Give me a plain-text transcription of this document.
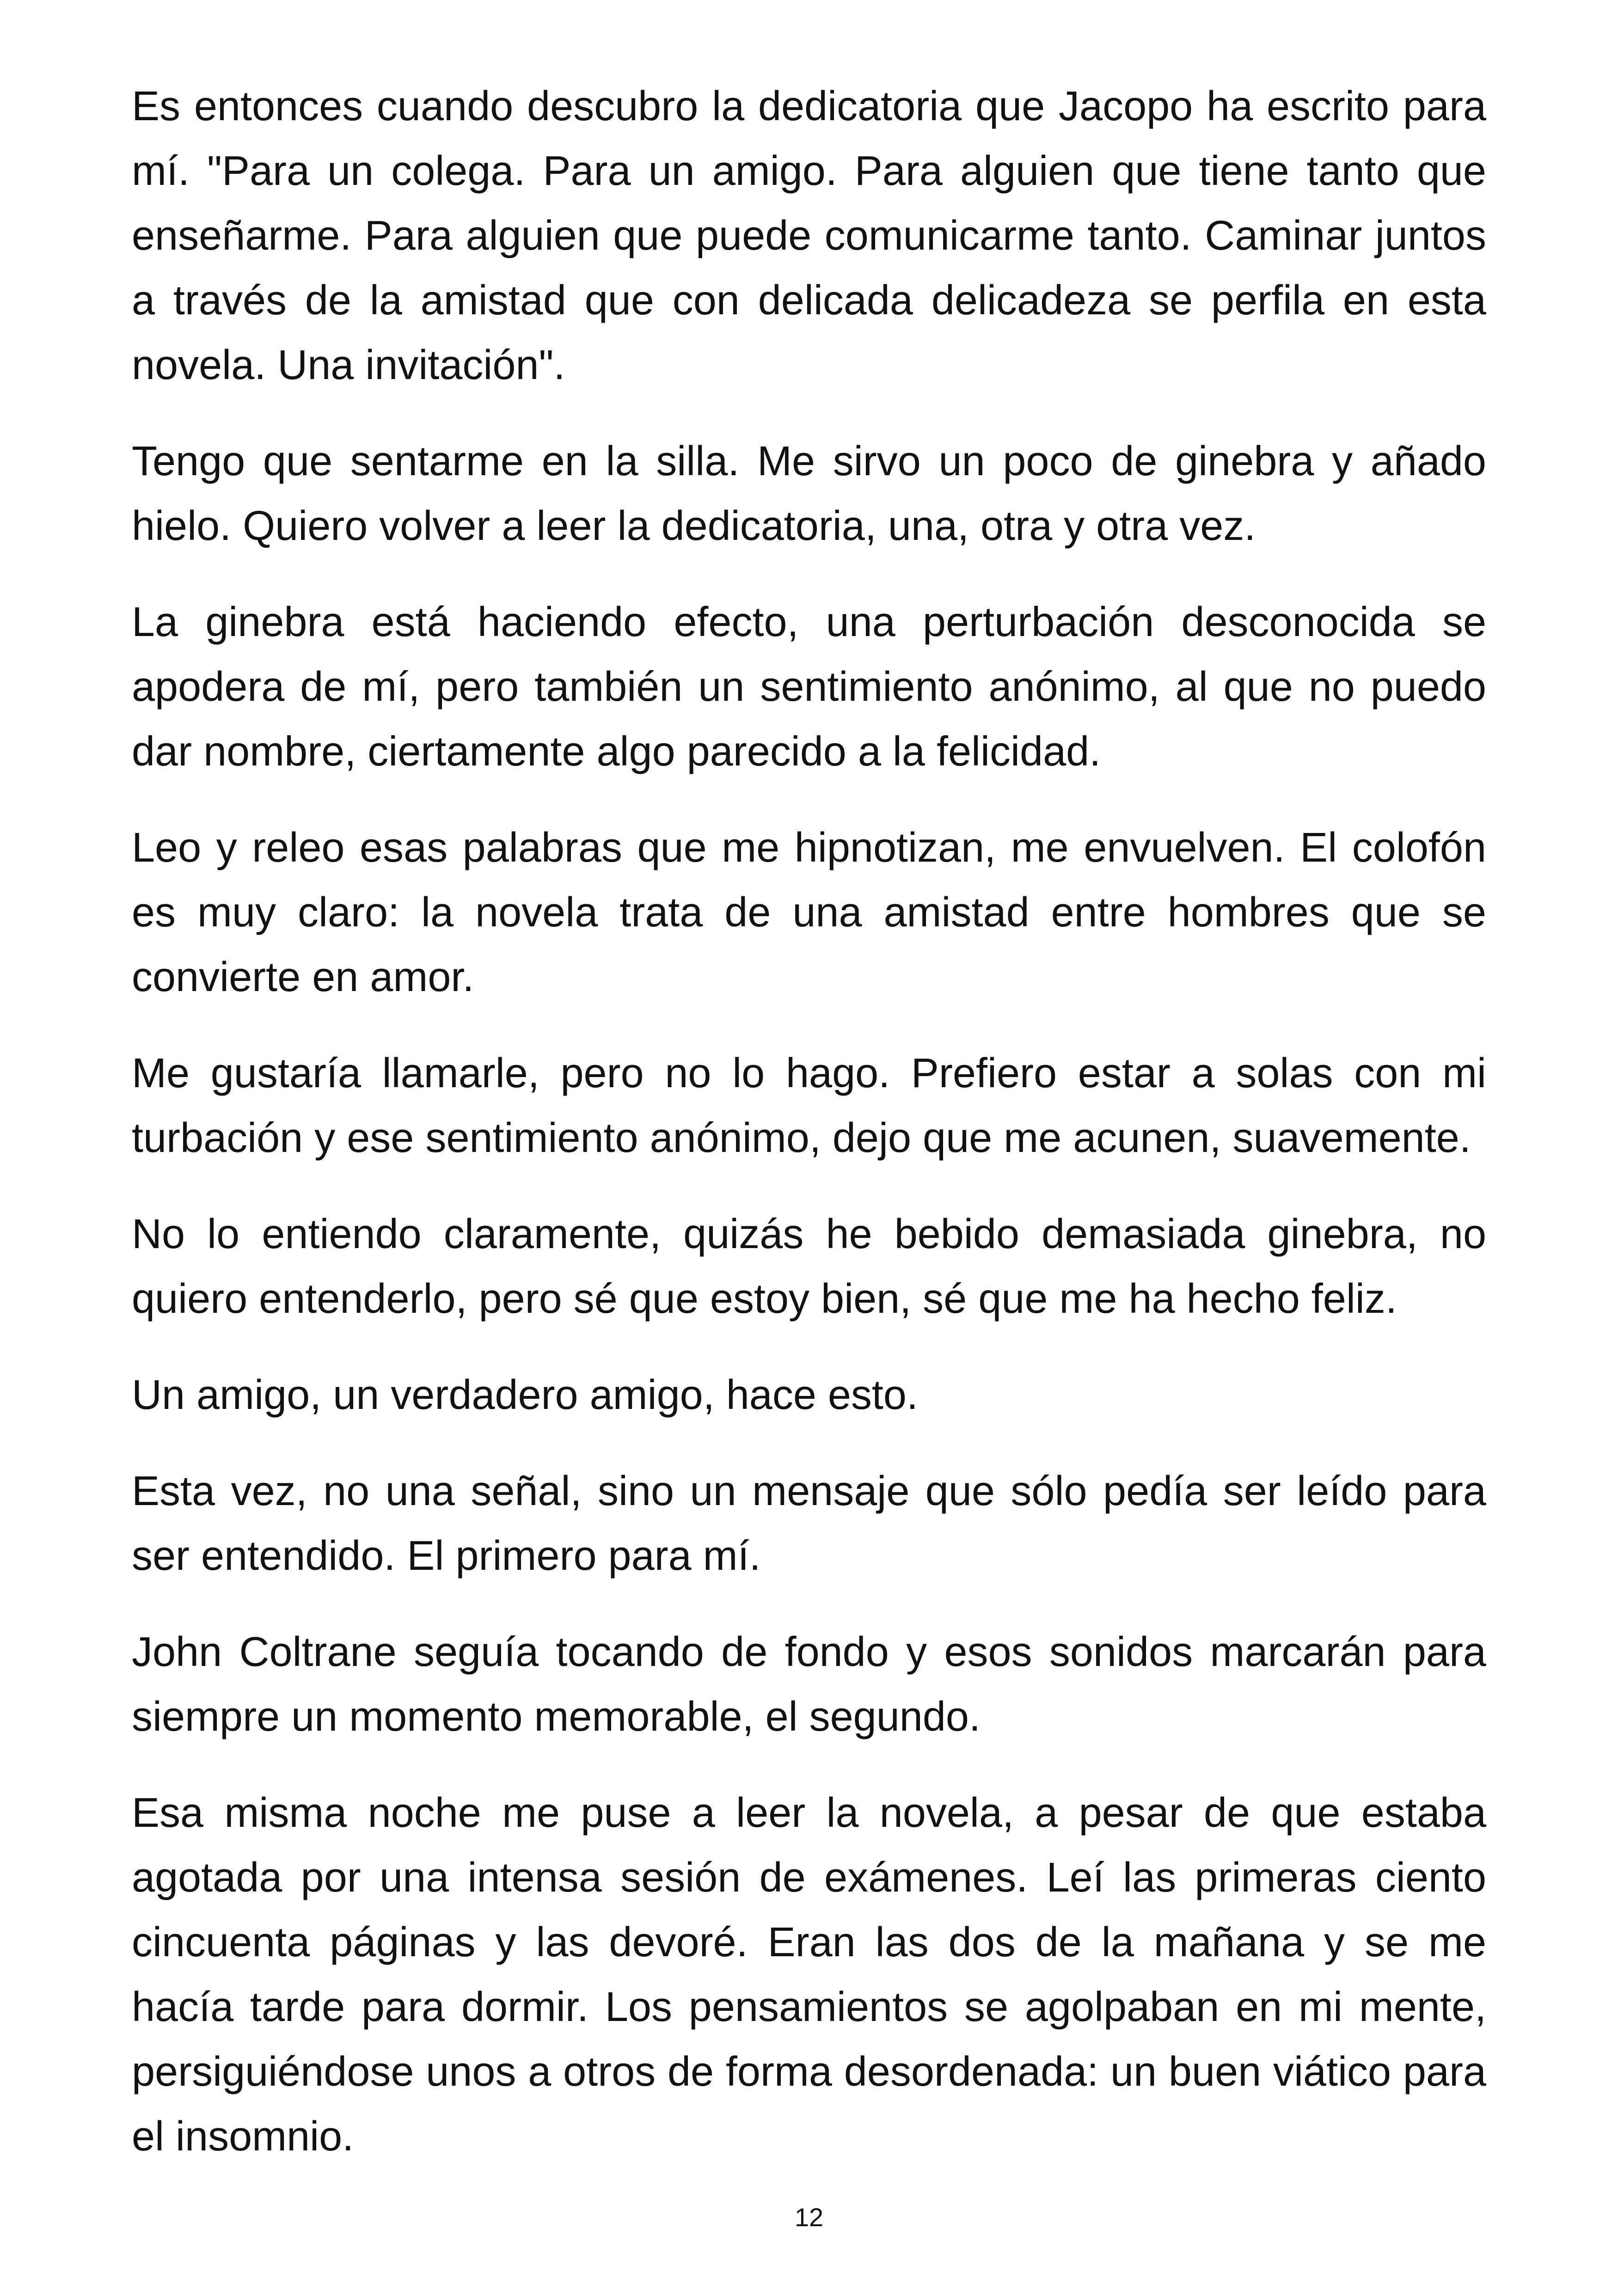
Es entonces cuando descubro la dedicatoria que Jacopo ha escrito para mí. "Para un colega. Para un amigo. Para alguien que tiene tanto que enseñarme. Para alguien que puede comunicarme tanto. Caminar juntos a través de la amistad que con delicada delicadeza se perfila en esta novela. Una invitación".

Tengo que sentarme en la silla. Me sirvo un poco de ginebra y añado hielo. Quiero volver a leer la dedicatoria, una, otra y otra vez.

La ginebra está haciendo efecto, una perturbación desconocida se apodera de mí, pero también un sentimiento anónimo, al que no puedo dar nombre, ciertamente algo parecido a la felicidad.

Leo y releo esas palabras que me hipnotizan, me envuelven. El colofón es muy claro: la novela trata de una amistad entre hombres que se convierte en amor.

Me gustaría llamarle, pero no lo hago. Prefiero estar a solas con mi turbación y ese sentimiento anónimo, dejo que me acunen, suavemente.

No lo entiendo claramente, quizás he bebido demasiada ginebra, no quiero entenderlo, pero sé que estoy bien, sé que me ha hecho feliz.

Un amigo, un verdadero amigo, hace esto.

Esta vez, no una señal, sino un mensaje que sólo pedía ser leído para ser entendido. El primero para mí.

John Coltrane seguía tocando de fondo y esos sonidos marcarán para siempre un momento memorable, el segundo.

Esa misma noche me puse a leer la novela, a pesar de que estaba agotada por una intensa sesión de exámenes. Leí las primeras ciento cincuenta páginas y las devoré. Eran las dos de la mañana y se me hacía tarde para dormir. Los pensamientos se agolpaban en mi mente, persiguiéndose unos a otros de forma desordenada: un buen viático para el insomnio.

12
